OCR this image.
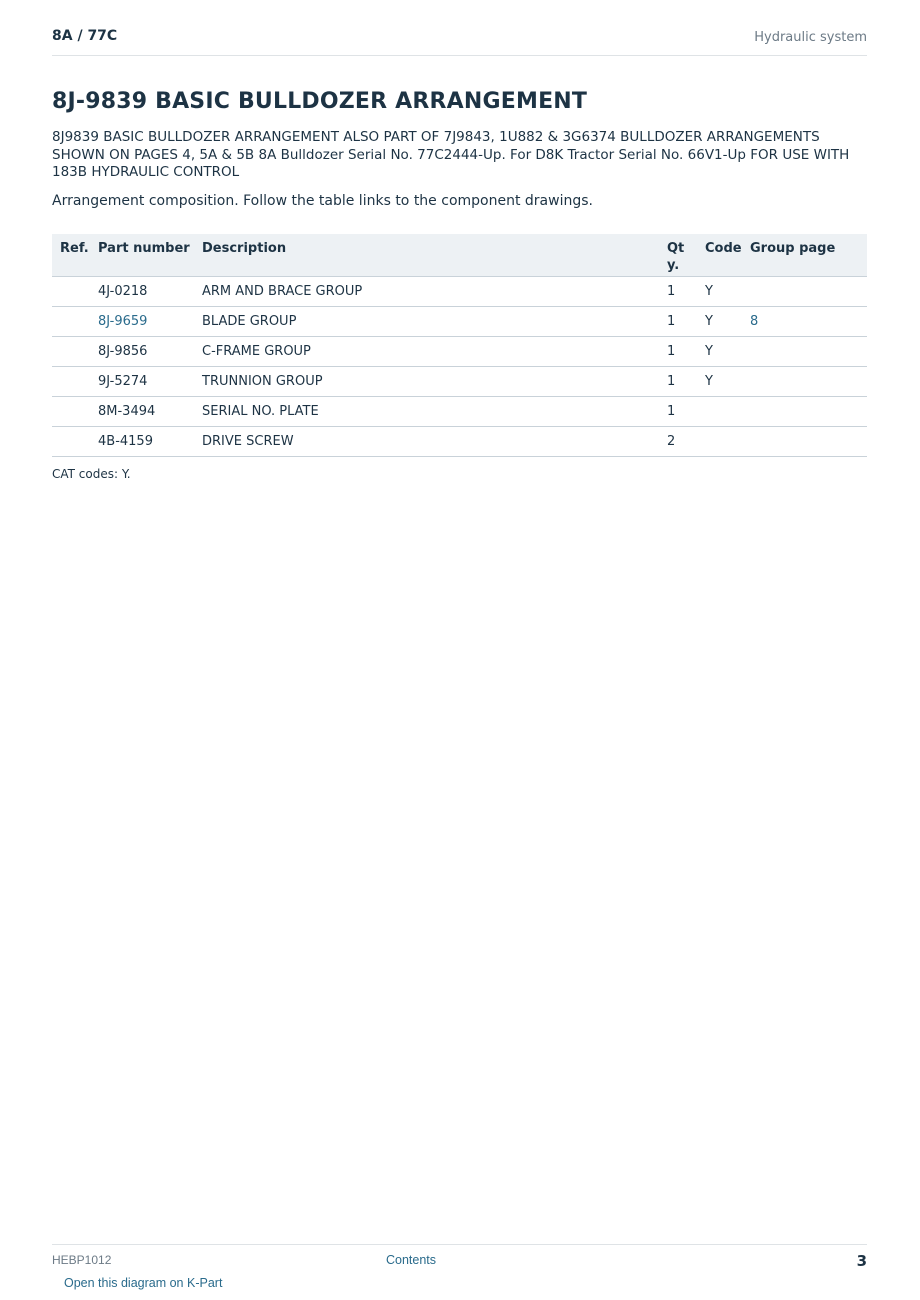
8A / 77C	Hydraulic system
8J-9839 BASIC BULLDOZER ARRANGEMENT
8J9839 BASIC BULLDOZER ARRANGEMENT ALSO PART OF 7J9843, 1U882 & 3G6374 BULLDOZER ARRANGEMENTS SHOWN ON PAGES 4, 5A & 5B 8A Bulldozer Serial No. 77C2444-Up. For D8K Tractor Serial No. 66V1-Up FOR USE WITH 183B HYDRAULIC CONTROL
Arrangement composition. Follow the table links to the component drawings.
Ref.	Part number	Description	Qty.	Code	Group page
	4J-0218	ARM AND BRACE GROUP	1	Y	
	8J-9659	BLADE GROUP	1	Y	8
	8J-9856	C-FRAME GROUP	1	Y	
	9J-5274	TRUNNION GROUP	1	Y	
	8M-3494	SERIAL NO. PLATE	1		
	4B-4159	DRIVE SCREW	2		
CAT codes: Y.
HEBP1012	Contents	3
Open this diagram on K-Part
